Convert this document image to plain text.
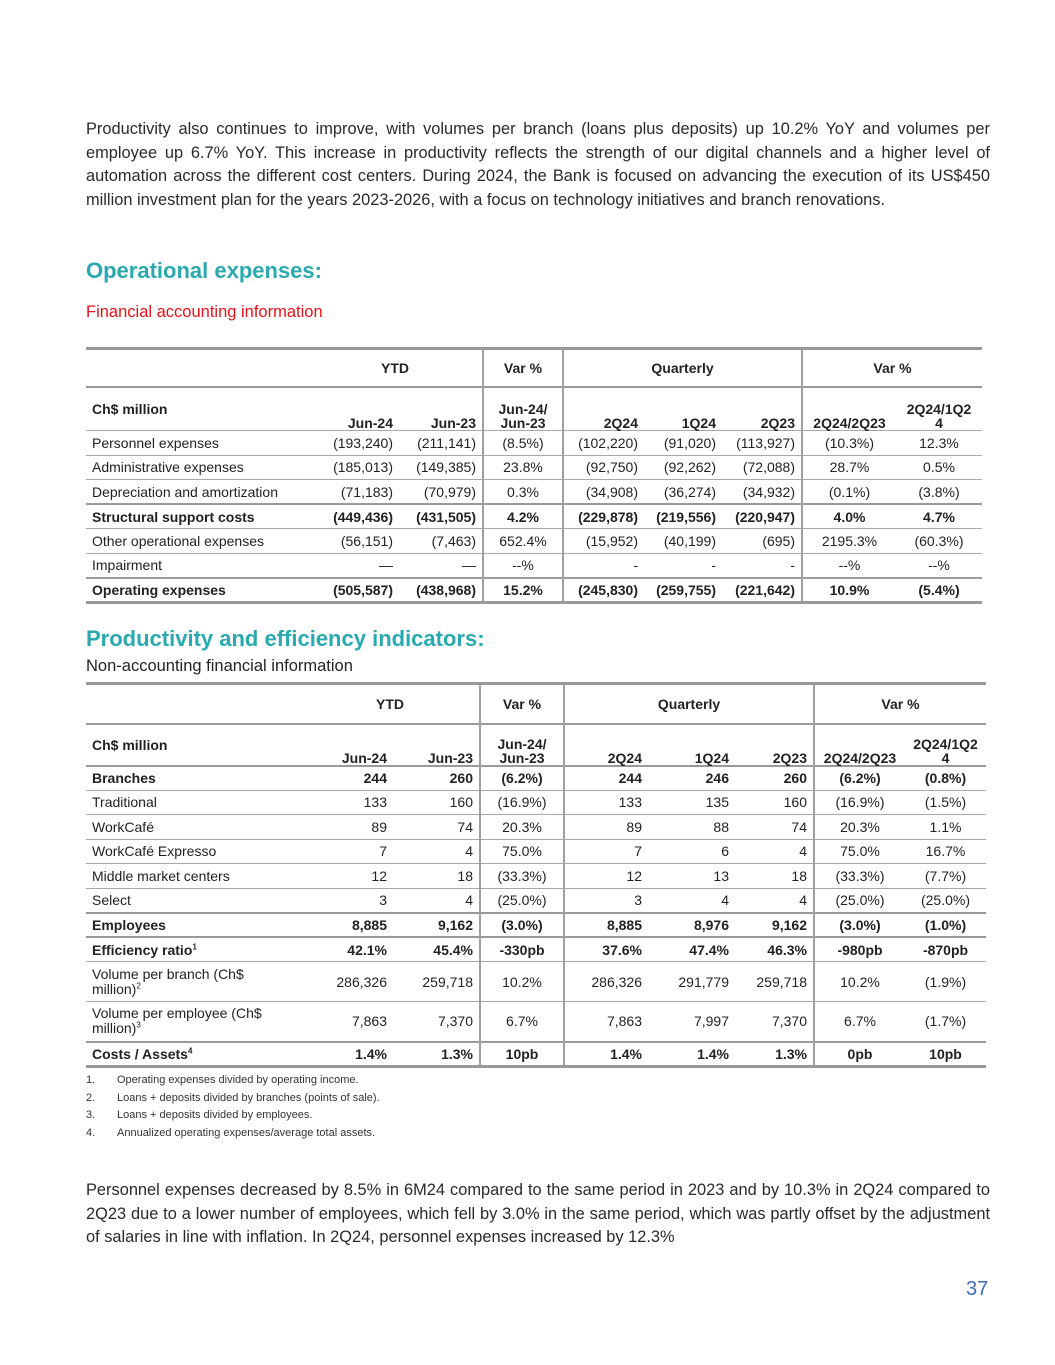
Productivity also continues to improve, with volumes per branch (loans plus deposits) up 10.2% YoY and volumes per employee up 6.7% YoY. This increase in productivity reflects the strength of our digital channels and a higher level of automation across the different cost centers. During 2024, the Bank is focused on advancing the execution of its US$450 million investment plan for the years 2023-2026, with a focus on technology initiatives and branch renovations.

Operational expenses:
Financial accounting information
	YTD		Var %	Quarterly			Var %	
Ch$ million	Jun-24	Jun-23	Jun-24/ Jun-23	2Q24	1Q24	2Q23	2Q24/2Q23	2Q24/1Q2 4
Personnel expenses	(193,240)	(211,141)	(8.5%)	(102,220)	(91,020)	(113,927)	(10.3%)	12.3%
Administrative expenses	(185,013)	(149,385)	23.8%	(92,750)	(92,262)	(72,088)	28.7%	0.5%
Depreciation and amortization	(71,183)	(70,979)	0.3%	(34,908)	(36,274)	(34,932)	(0.1%)	(3.8%)
Structural support costs	(449,436)	(431,505)	4.2%	(229,878)	(219,556)	(220,947)	4.0%	4.7%
Other operational expenses	(56,151)	(7,463)	652.4%	(15,952)	(40,199)	(695)	2195.3%	(60.3%)
Impairment	—	—	--%	-	-	-	--%	--%
Operating expenses	(505,587)	(438,968)	15.2%	(245,830)	(259,755)	(221,642)	10.9%	(5.4%)
Productivity and efficiency indicators:
Non-accounting financial information
	YTD		Var %	Quarterly			Var %	
Ch$ million	Jun-24	Jun-23	Jun-24/ Jun-23	2Q24	1Q24	2Q23	2Q24/2Q23	2Q24/1Q2 4
Branches	244	260	(6.2%)	244	246	260	(6.2%)	(0.8%)
Traditional	133	160	(16.9%)	133	135	160	(16.9%)	(1.5%)
WorkCafé	89	74	20.3%	89	88	74	20.3%	1.1%
WorkCafé Expresso	7	4	75.0%	7	6	4	75.0%	16.7%
Middle market centers	12	18	(33.3%)	12	13	18	(33.3%)	(7.7%)
Select	3	4	(25.0%)	3	4	4	(25.0%)	(25.0%)
Employees	8,885	9,162	(3.0%)	8,885	8,976	9,162	(3.0%)	(1.0%)
Efficiency ratio$^1$	42.1%	45.4%	-330pb	37.6%	47.4%	46.3%	-980pb	-870pb
Volume per branch (Ch$ million)$^2$	286,326	259,718	10.2%	286,326	291,779	259,718	10.2%	(1.9%)
Volume per employee (Ch$ million)$^3$	7,863	7,370	6.7%	7,863	7,997	7,370	6.7%	(1.7%)
Costs / Assets$^4$	1.4%	1.3%	10pb	1.4%	1.4%	1.3%	0pb	10pb
1.	Operating expenses divided by operating income.
2.	Loans + deposits divided by branches (points of sale).
3.	Loans + deposits divided by employees.
4.	Annualized operating expenses/average total assets.

Personnel expenses decreased by 8.5% in 6M24 compared to the same period in 2023 and by 10.3% in 2Q24 compared to 2Q23 due to a lower number of employees, which fell by 3.0% in the same period, which was partly offset by the adjustment of salaries in line with inflation. In 2Q24, personnel expenses increased by 12.3%

37
